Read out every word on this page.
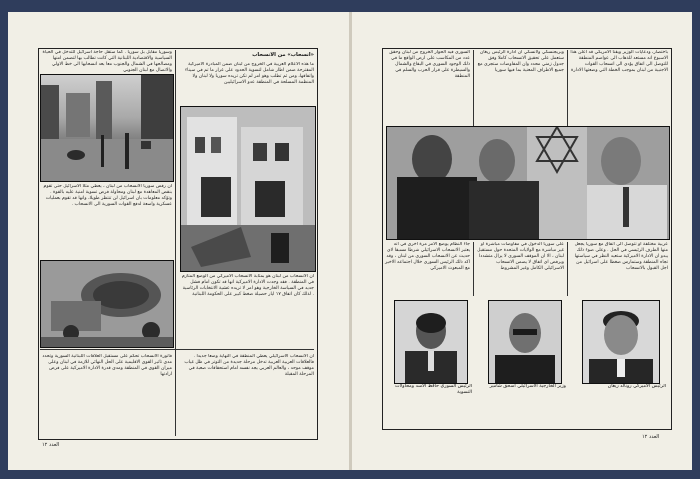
وسوريا مقابل بل سوريا . كما ستقل حاجة اسرائيل للتدخل في الحياة السياسية والاقتصادية اللبنانية التي كانت تطالب بها لتضمن امنها ومصالحها في الشمال والجنوب معا بعد انسحابها الى خط الاولي والاتصال مع لبنان الجنوبي
«انسحاب» من الانسحاب
ما هذه الاعلام العربية في الخروج من لبنان ضمن المبادرة الاميركية المقترحة ضمن اطار شامل لتسوية الحدود على غرار ما تم في سيناء واتفاقها، ومن ثم تطلب وهو امر لم تكن تريده سوريا ولا لبنان ولا المنظمة المسلحة في المنطقة عدو الاسرائيليين
ان رفض سوريا الانسحاب من لبنان ، يعطي مثلا الاسرائيل حتى تقوم بنقض المعاهدة مع لبنان ومحاولة فرض تسوية امنية عليه بالقوة . وتؤكد معلومات بان اسرائيل لن تنتظر طويلا، وانها قد تقوم بعمليات عسكرية واسعة لدفع القوات السورية الى الانسحاب .
ان الانسحاب من لبنان هو بمثابة الانسحاب الاميركي من الوضع المتازم في المنطقة . فقد وجدت الادارة الاميركية انها قد تكون امام فشل جديد في السياسة الخارجية وهو امر لا تريده عشية الانتخابات الرئاسية . لذلك كان اتفاق ١٧ ايار حصيلة ضغط كبير على الحكومة اللبنانية
فاتورة الانسحاب تحكم على مستقبل العلاقات اللبنانية السورية وتحدد مدى تاثير القوى الاقليمية على الحل النهائي للازمة في لبنان وعلى ميزان القوى في المنطقة ومدى قدرة الادارة الاميركية على فرض ارادتها
ان الانسحاب الاسرائيلي يعطي المنطقة في النهاية وضعا جديدا . فالعلاقات العربية العربية تدخل مرحلة جديدة من التوتر في ظل غياب موقف موحد ، والعالم العربي يجد نفسه امام استحقاقات صعبة في المرحلة المقبلة
العدد ١٢
باختصار، ودعايات الوزير ويقنا الامريكي قد اعلن هذا الاسبوع انه مستعد للذهاب الى عواصم المنطقة للتوصل الى اتفاق يؤدي الى انسحاب القوات الاجنبية من لبنان بموجب الخطة التي وضعتها الادارة
وبريجنسكي ولانسكي ان ادارة الرئيس ريغان ستعمل على تحقيق الانسحاب كاملا وفق جدول زمني محدد وان المفاوضات ستجري مع جميع الاطراف المعنية بما فيها سوريا
السوري فيه الحوار الخروج من لبنان وحقق عدد من المكاسب على ارض الواقع ما في ذلك الوجود السوري في البقاع والشمال والسيطرة على قرار الحرب والسلم في المنطقة
عربية مختلفة او تتوصل الى اتفاق مع سوريا يجعل منها الطرف الرئيسي في الحل . وعلى ضوء ذلك يبدو ان الادارة الاميركية ستعيد النظر في سياستها تجاه المنطقة وستمارس ضغطا على اسرائيل من اجل القبول بالانسحاب
على سوريا الدخول في مفاوضات مباشرة او غير مباشرة مع الولايات المتحدة حول مستقبل لبنان ، الا ان الموقف السوري لا يزال متشددا ويرفض اي اتفاق لا يضمن الانسحاب الاسرائيلي الكامل وغير المشروط
جاء النظام يوضع الامر مرة اخرى في انه يعتبر الانسحاب الاسرائيلي شرطا مسبقا لاي حديث عن الانسحاب السوري من لبنان ، وقد اكد ذلك الرئيس السوري خلال اجتماعه الاخير مع المبعوث الاميركي
الرئيس السوري حافظ الاسد ومحاولات التسوية
وزير الخارجية الاسرائيلي اسحق شامير	الرئيس الاميركي رونالد ريغان
العدد ١٢
